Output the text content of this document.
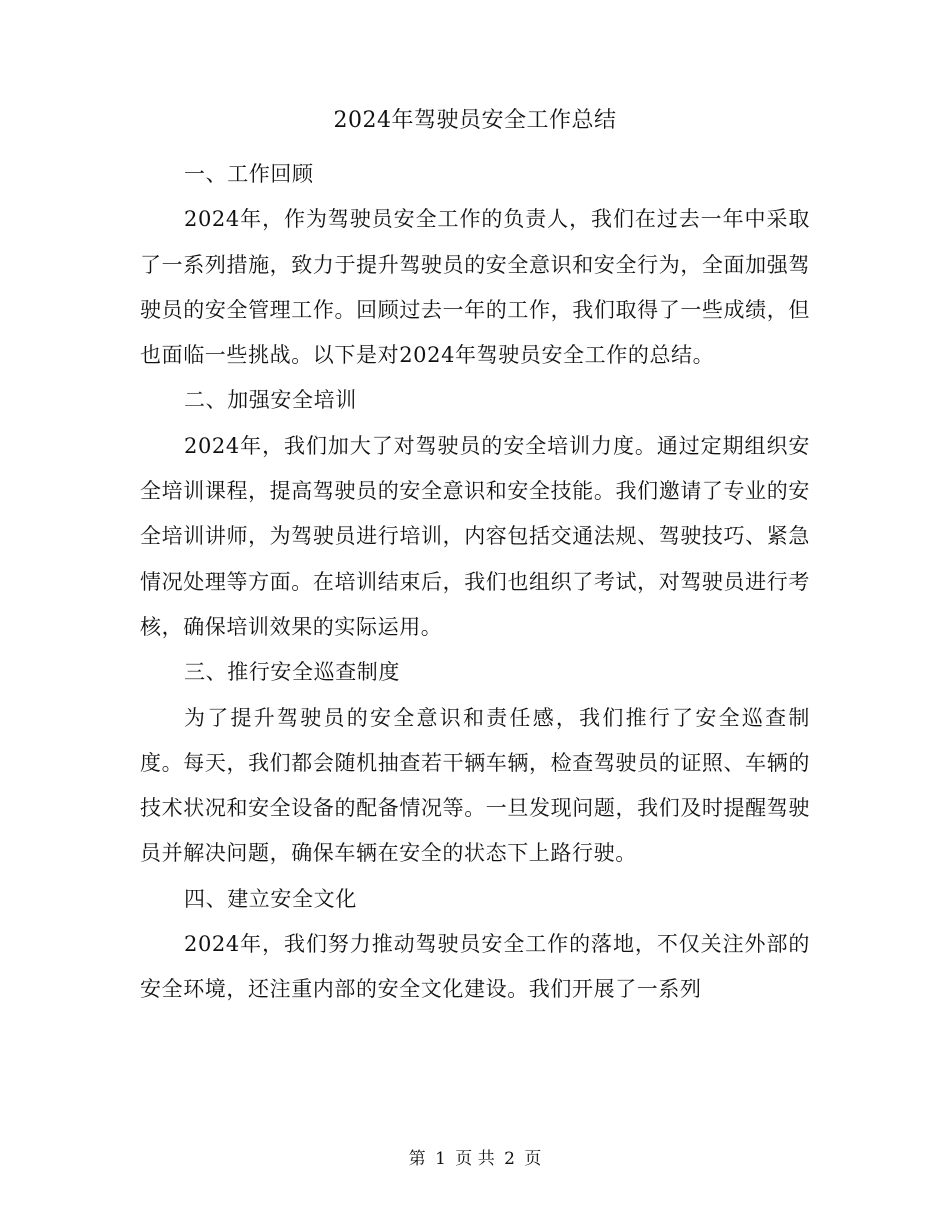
2024年驾驶员安全工作总结

一、工作回顾

2024年，作为驾驶员安全工作的负责人，我们在过去一年中采取了一系列措施，致力于提升驾驶员的安全意识和安全行为，全面加强驾驶员的安全管理工作。回顾过去一年的工作，我们取得了一些成绩，但也面临一些挑战。以下是对2024年驾驶员安全工作的总结。

二、加强安全培训

2024年，我们加大了对驾驶员的安全培训力度。通过定期组织安全培训课程，提高驾驶员的安全意识和安全技能。我们邀请了专业的安全培训讲师，为驾驶员进行培训，内容包括交通法规、驾驶技巧、紧急情况处理等方面。在培训结束后，我们也组织了考试，对驾驶员进行考核，确保培训效果的实际运用。

三、推行安全巡查制度

为了提升驾驶员的安全意识和责任感，我们推行了安全巡查制度。每天，我们都会随机抽查若干辆车辆，检查驾驶员的证照、车辆的技术状况和安全设备的配备情况等。一旦发现问题，我们及时提醒驾驶员并解决问题，确保车辆在安全的状态下上路行驶。

四、建立安全文化

2024年，我们努力推动驾驶员安全工作的落地，不仅关注外部的安全环境，还注重内部的安全文化建设。我们开展了一系列

第 1 页 共 2 页
